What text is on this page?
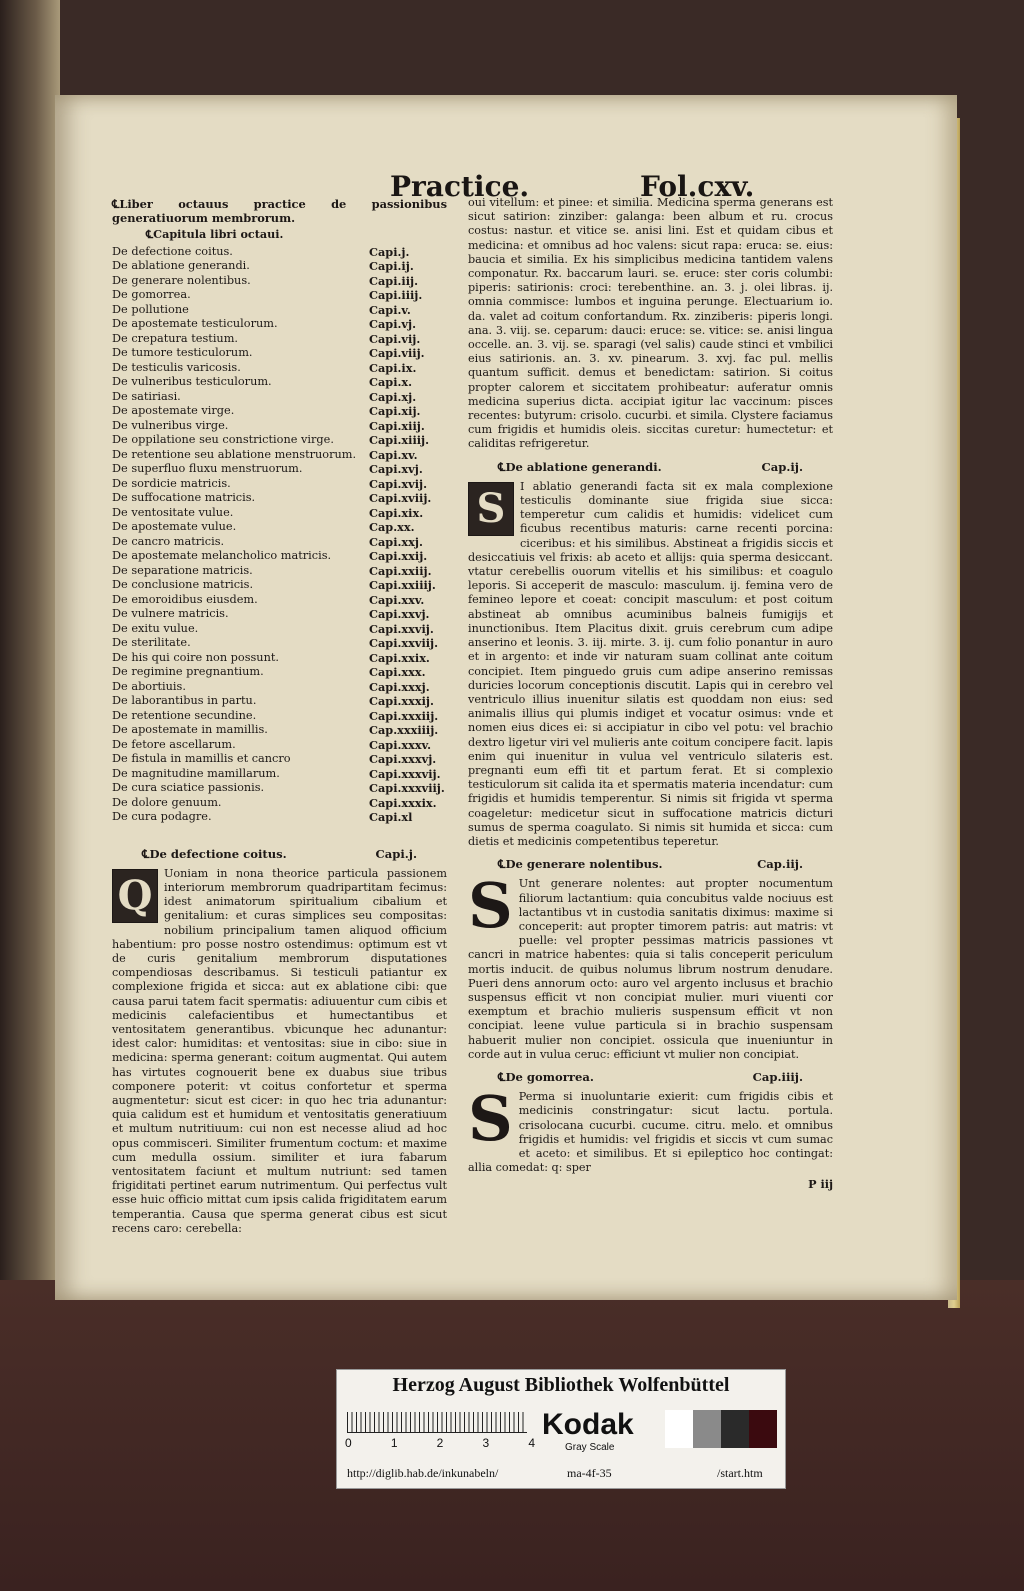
Practice.	Fol.cxv.

℄Liber octauus practice de passionibus generatiuorum membrorum.

℄Capitula libri octaui.
De defectione coitus.	Capi.j.
De ablatione generandi.	Capi.ij.
De generare nolentibus.	Capi.iij.
De gomorrea.	Capi.iiij.
De pollutione	Capi.v.
De apostemate testiculorum.	Capi.vj.
De crepatura testium.	Capi.vij.
De tumore testiculorum.	Capi.viij.
De testiculis varicosis.	Capi.ix.
De vulneribus testiculorum.	Capi.x.
De satiriasi.	Capi.xj.
De apostemate virge.	Capi.xij.
De vulneribus virge.	Capi.xiij.
De oppilatione seu constrictione virge.	Capi.xiiij.
De retentione seu ablatione menstruorum. Capi.xv.
De superfluo fluxu menstruorum.	Capi.xvj.
De sordicie matricis.	Capi.xvij.
De suffocatione matricis.	Capi.xviij.
De ventositate vulue.	Capi.xix.
De apostemate vulue.	Cap.xx.
De cancro matricis.	Capi.xxj.
De apostemate melancholico matricis.	Capi.xxij.
De separatione matricis.	Capi.xxiij.
De conclusione matricis.	Capi.xxiiij.
De emoroidibus eiusdem.	Capi.xxv.
De vulnere matricis.	Capi.xxvj.
De exitu vulue.	Capi.xxvij.
De sterilitate.	Capi.xxviij.
De his qui coire non possunt.	Capi.xxix.
De regimine pregnantium.	Capi.xxx.
De abortiuis.	Capi.xxxj.
De laborantibus in partu.	Capi.xxxij.
De retentione secundine.	Capi.xxxiij.
De apostemate in mamillis.	Cap.xxxiiij.
De fetore ascellarum.	Capi.xxxv.
De fistula in mamillis et cancro	Capi.xxxvj.
De magnitudine mamillarum.	Capi.xxxvij.
De cura sciatice passionis.	Capi.xxxviij.
De dolore genuum.	Capi.xxxix.
De cura podagre.	Capi.xl
℄De defectione coitus.	Capi.j.
Q	Uoniam in nona theorice particula passionem interiorum membrorum quadripartitam fecimus: idest animatorum spiritualium cibalium et genitalium: et curas simplices seu compositas: nobilium principalium tamen aliquod officium habentium: pro posse nostro ostendimus: optimum est vt de curis genitalium membrorum disputationes compendiosas describamus. Si testiculi patiantur ex complexione frigida et sicca: aut ex ablatione cibi: que causa parui tatem facit spermatis: adiuuentur cum cibis et medicinis calefacientibus et humectantibus et ventositatem generantibus. vbicunque hec adunantur: idest calor: humiditas: et ventositas: siue in cibo: siue in medicina: sperma generant: coitum augmentat. Qui autem has virtutes cognouerit bene ex duabus siue tribus componere poterit: vt coitus confortetur et sperma augmentetur: sicut est cicer: in quo hec tria adunantur: quia calidum est et humidum et ventositatis generatiuum et multum nutritiuum: cui non est necesse aliud ad hoc opus commisceri. Similiter frumentum coctum: et maxime cum medulla ossium. similiter et iura fabarum ventositatem faciunt et multum nutriunt: sed tamen frigiditati pertinet earum nutrimentum. Qui perfectus vult esse huic officio mittat cum ipsis calida frigiditatem earum temperantia. Causa que sperma generat cibus est sicut recens caro: cerebella:

oui vitellum: et pinee: et similia. Medicina sperma generans est sicut satirion: zinziber: galanga: been album et ru. crocus costus: nastur. et vitice se. anisi lini. Est et quidam cibus et medicina: et omnibus ad hoc valens: sicut rapa: eruca: se. eius: baucia et similia. Ex his simplicibus medicina tantidem valens componatur. Rx. baccarum lauri. se. eruce: ster coris columbi: piperis: satirionis: croci: terebenthine. an. 3. j. olei libras. ij. omnia commisce: lumbos et inguina perunge. Electuarium io. da. valet ad coitum confortandum. Rx. zinziberis: piperis longi. ana. 3. viij. se. ceparum: dauci: eruce: se. vitice: se. anisi lingua occelle. an. 3. vij. se. sparagi (vel salis) caude stinci et vmbilici eius satirionis. an. 3. xv. pinearum. 3. xvj. fac pul. mellis quantum sufficit. demus et benedictam: satirion. Si coitus propter calorem et siccitatem prohibeatur: auferatur omnis medicina superius dicta. accipiat igitur lac vaccinum: pisces recentes: butyrum: crisolo. cucurbi. et simila. Clystere faciamus cum frigidis et humidis oleis. siccitas curetur: humectetur: et caliditas refrigeretur.

℄De ablatione generandi.	Cap.ij.
S	I ablatio generandi facta sit ex mala complexione testiculis dominante siue frigida siue sicca: temperetur cum calidis et humidis: videlicet cum ficubus recentibus maturis: carne recenti porcina: ciceribus: et his similibus. Abstineat a frigidis siccis et desiccatiuis vel frixis: ab aceto et allijs: quia sperma desiccant. vtatur cerebellis ouorum vitellis et his similibus: et coagulo leporis. Si acceperit de masculo: masculum. ij. femina vero de femineo lepore et coeat: concipit masculum: et post coitum abstineat ab omnibus acuminibus balneis fumigijs et inunctionibus. Item Placitus dixit. gruis cerebrum cum adipe anserino et leonis. 3. iij. mirte. 3. ij. cum folio ponantur in auro et in argento: et inde vir naturam suam collinat ante coitum concipiet. Item pinguedo gruis cum adipe anserino remissas duricies locorum conceptionis discutit. Lapis qui in cerebro vel ventriculo illius inuenitur silatis est quoddam non eius: sed animalis illius qui plumis indiget et vocatur osimus: vnde et nomen eius dices ei: si accipiatur in cibo vel potu: vel brachio dextro ligetur viri vel mulieris ante coitum concipere facit. lapis enim qui inuenitur in vulua vel ventriculo silateris est. pregnanti eum effi tit et partum ferat. Et si complexio testiculorum sit calida ita et spermatis materia incendatur: cum frigidis et humidis temperentur. Si nimis sit frigida vt sperma coageletur: medicetur sicut in suffocatione matricis dicturi sumus de sperma coagulato. Si nimis sit humida et sicca: cum dietis et medicinis competentibus teperetur.

℄De generare nolentibus.	Cap.iij.
S Unt generare nolentes: aut propter nocumentum filiorum lactantium: quia concubitus valde nociuus est lactantibus vt in custodia sanitatis diximus: maxime si conceperit: aut propter timorem patris: aut matris: vt puelle: vel propter pessimas matricis passiones vt cancri in matrice habentes: quia si talis conceperit periculum mortis inducit. de quibus nolumus librum nostrum denudare. Pueri dens annorum octo: auro vel argento inclusus et brachio suspensus efficit vt non concipiat mulier. muri viuenti cor exemptum et brachio mulieris suspensum efficit vt non concipiat. leene vulue particula si in brachio suspensam habuerit mulier non concipiet. ossicula que inueniuntur in corde aut in vulua ceruc: efficiunt vt mulier non concipiat.

℄De gomorrea.	Cap.iiij.
S Perma si inuoluntarie exierit: cum frigidis cibis et medicinis constringatur: sicut lactu. portula. crisolocana cucurbi. cucume. citru. melo. et omnibus frigidis et humidis: vel frigidis et siccis vt cum sumac et aceto: et similibus. Et si epileptico hoc contingat: allia comedat: q: sper

P iij
Herzog August Bibliothek Wolfenbüttel
0	1	2	3	4
Kodak
Gray Scale
http://diglib.hab.de/inkunabeln/	ma-4f-35	/start.htm
